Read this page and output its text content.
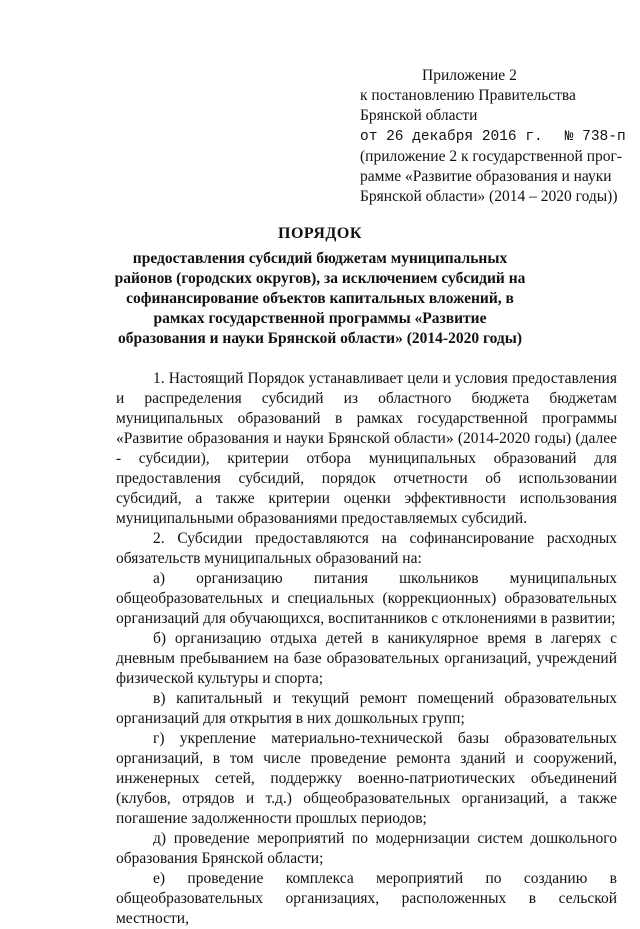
Приложение 2
к постановлению Правительства
Брянской области
от 26 декабря 2016 г. № 738-п
(приложение 2 к государственной прог-рамме «Развитие образования и науки Брянской области» (2014 – 2020 годы))
ПОРЯДОК
предоставления субсидий бюджетам муниципальных районов (городских округов), за исключением субсидий на софинансирование объектов капитальных вложений, в рамках государственной программы «Развитие образования и науки Брянской области» (2014-2020 годы)

1. Настоящий Порядок устанавливает цели и условия предоставления и распределения субсидий из областного бюджета бюджетам муниципальных образований в рамках государственной программы «Развитие образования и науки Брянской области» (2014-2020 годы) (далее - субсидии), критерии отбора муниципальных образований для предоставления субсидий, порядок отчетности об использовании субсидий, а также критерии оценки эффективности использования муниципальными образованиями предоставляемых субсидий.

2. Субсидии предоставляются на софинансирование расходных обязательств муниципальных образований на:

а) организацию питания школьников муниципальных общеобразовательных и специальных (коррекционных) образовательных организаций для обучающихся, воспитанников с отклонениями в развитии;

б) организацию отдыха детей в каникулярное время в лагерях с дневным пребыванием на базе образовательных организаций, учреждений физической культуры и спорта;

в) капитальный и текущий ремонт помещений образовательных организаций для открытия в них дошкольных групп;

г) укрепление материально-технической базы образовательных организаций, в том числе проведение ремонта зданий и сооружений, инженерных сетей, поддержку военно-патриотических объединений (клубов, отрядов и т.д.) общеобразовательных организаций, а также погашение задолженности прошлых периодов;

д) проведение мероприятий по модернизации систем дошкольного образования Брянской области;

е) проведение комплекса мероприятий по созданию в общеобразовательных организациях, расположенных в сельской местности,
